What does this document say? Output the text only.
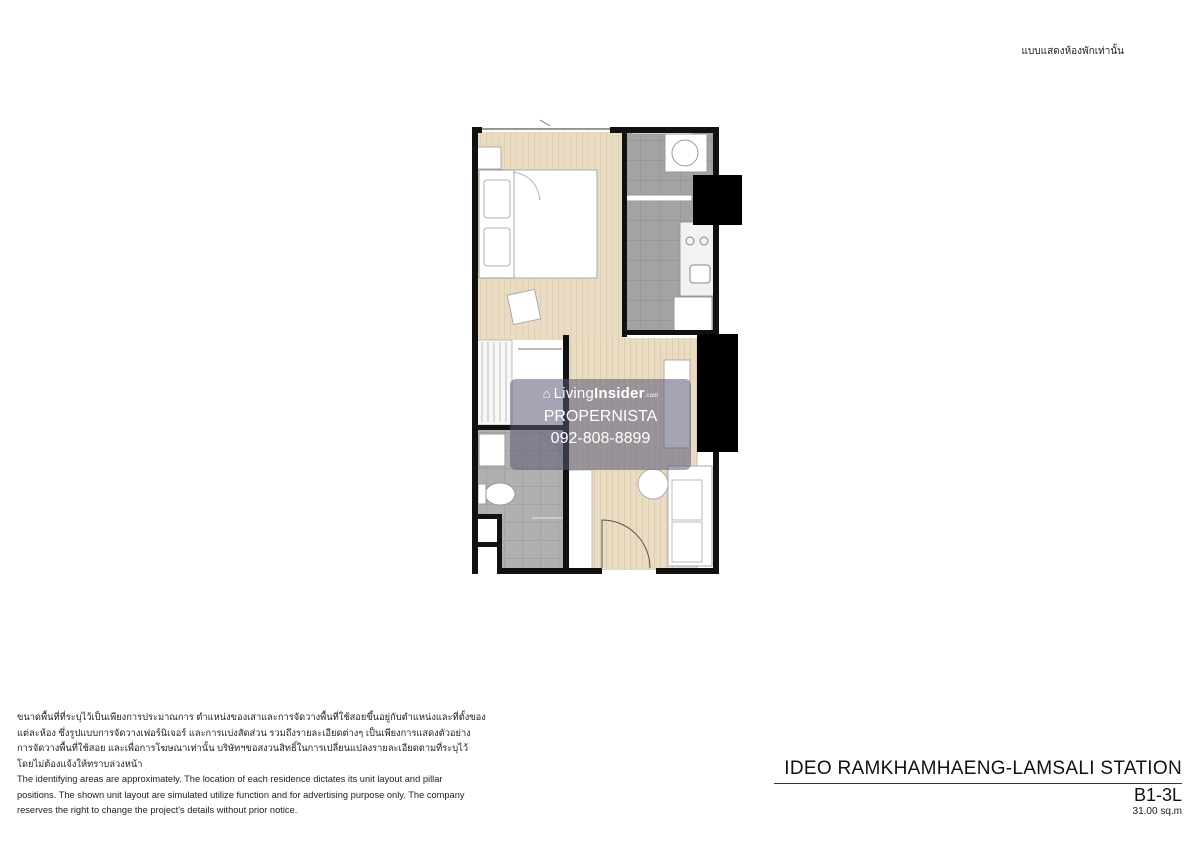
แบบแสดงห้องพักเท่านั้น
⌂ LivingInsider.com
PROPERNISTA
092-808-8899
ขนาดพื้นที่ที่ระบุไว้เป็นเพียงการประมาณการ ตำแหน่งของเสาและการจัดวางพื้นที่ใช้สอยขึ้นอยู่กับตำแหน่งและที่ตั้งของ
แต่ละห้อง ซึ่งรูปแบบการจัดวางเฟอร์นิเจอร์ และการแบ่งสัดส่วน รวมถึงรายละเอียดต่างๆ เป็นเพียงการแสดงตัวอย่าง
การจัดวางพื้นที่ใช้สอย และเพื่อการโฆษณาเท่านั้น บริษัทฯขอสงวนสิทธิ์ในการเปลี่ยนแปลงรายละเอียดตามที่ระบุไว้
โดยไม่ต้องแจ้งให้ทราบล่วงหน้า
The identifying areas are approximately. The location of each residence dictates its unit layout and pillar
positions. The shown unit layout are simulated utilize function and for advertising purpose only. The company
reserves the right to change the project's details without prior notice.
IDEO RAMKHAMHAENG-LAMSALI STATION
B1-3L
31.00 sq.m
